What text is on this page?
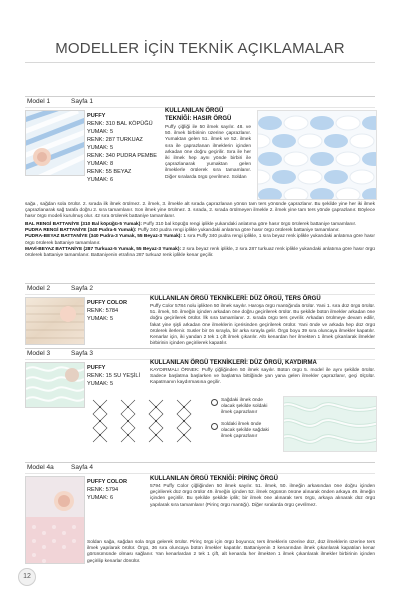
MODELLER İÇİN TEKNİK AÇIKLAMALAR
Model 1	Sayfa 1
PUFFY
RENK: 310 BAL KÖPÜĞÜ
YUMAK: 5
RENK: 287 TURKUAZ
YUMAK: 5
RENK: 340 PUDRA PEMBE
YUMAK: 8
RENK: 55 BEYAZ
YUMAK: 6
KULLANILAN ÖRGÜ TEKNİĞİ: HASIR ÖRGÜ

Puffy çiğliği ile 50 ilmek sayılır. 48. ve 50. ilmek birbirinin üzerine çaprazlanır. Yumaktan gelen 51. ilmek ve 52. ilmek sıra ile çaprazlanan ilmeklerin içinden arkadan öne doğru geçirilir. Sıra ile her iki ilmek hep aynı yönde birbiri ile çaprazlanarak yumaktan gelen ilmeklerle örülerek sıra tamamlanır. Diğer sıralarda örgü çevrilmez. Soldan

sağa , sağdan sola örülür. 2. sırada ilk ilmek örülmez. 2. ilmek, 3. ilmekle alt sırada çaprazlanan yönün tam ters yönünde çaprazlanır. Bu şekilde yine her iki ilmek çaprazlanarak sağ tarafa doğru 2. sıra tamamlanır. Son ilmek yine örülmez. 3. sırada, 2. sırada örülmeyen ilmekle 2. ilmek yine tam ters yönde çaprazlanır. Böylece hasır örgü modeli kurulmuş olur. 42 sıra örülerek battaniye tamamlanır.

BAL RENGİ BATTANİYE (310 Bal köpüğü-5 Yumak): Puffy 310 bal köpüğü rengi iplikle yukarıdaki anlatıma göre hasır örgü örülerek battaniye tamamlanır.

PUDRA RENGİ BATTANİYE (340 Pudra-5 Yumak): Puffy 340 pudra rengi iplikle yukarıdaki anlatıma göre hasır örgü örülerek battaniye tamamlanır.

PUDRA-BEYAZ BATTANİYE (340 Pudra-3 Yumak, 55 Beyaz-3 Yumak): 1 sıra Puffy 340 pudra rengi iplikle, 1 sıra beyaz renk iplikle yukarıdaki anlatıma göre hasır örgü örülerek battaniye tamamlanır.

MAVİ-BEYAZ BATTANİYE (287 Turkuaz-5 Yumak, 55 Beyaz-3 Yumak): 2 sıra beyaz renk iplikle, 2 sıra 287 turkuaz renk iplikle yukarıdaki anlatıma göre hasır örgü örülerek battaniye tamamlanır. Battaniyenin etrafına 287 turkuaz renk iplikle kenar geçilir.

Model 2	Sayfa 2
PUFFY COLOR
RENK: 5784
YUMAK: 5
KULLANILAN ÖRGÜ TEKNİKLERİ: DÜZ ÖRGÜ, TERS ÖRGÜ

Puffy Color 5784 nolu iplikten 50 ilmek sayılır. Haroşa örgü mantığında örülür. Yani 1. sıra düz örgü örülür. 51. ilmek, 50. ilmeğin içinden arkadan öne doğru geçirilerek örülür. Bu şekilde bütün ilmekler arkadan öne doğru geçirilerek örülür. İlk sıra tamamlanır. 2. sırada örgü ters çevrilir. Arkadan örülmeye devam edilir, fakat yine şişli arkadan öne ilmeklerin içerisinden geçirilerek örülür. Yani önde ve arkada hep düz örgü örülerek ilerlenir. Susler bir ön sırayla, bir arka sırayla gelir. Örgü boyu 39 sıra oluncaya ilmekler kapatılır. Kenarlar için, iki yandan 2 tek 1 çift ilmek çıkarılır. Altı kenardan her ilmekten 1 ilmek çıkarılarak ilmekler birbirinin içinden geçirilerek kapatılır.

Model 3	Sayfa 3
PUFFY
RENK: 15 SU YEŞİLİ
YUMAK: 5
KULLANILAN ÖRGÜ TEKNİKLERİ: DÜZ ÖRGÜ, KAYDIRMA

KAYDIRMALI ÖRNEK: Puffy çiğliğinden 50 ilmek sayılır. Bütün örgü 5. model ile aynı şekilde örülür. Sadece başlatma başlarken ve başlatma bittiğinde yan yana gelen ilmekler çaprazlanır, geçi ölçülür. Kapatmanın kaydırmasına geçilir.

Sağdaki ilmek önde olacak şekilde soldaki ilmek çaprazlanır
Soldaki ilmek önde olacak şekilde sağdaki ilmek çaprazlanır
Model 4a	Sayfa 4
PUFFY COLOR
RENK: 5794
YUMAK: 6
KULLANILAN ÖRGÜ TEKNİĞİ: PİRİNÇ ÖRGÜ

5794 Puffy Color çiğliğinden 50 ilmek sayılır. 51. ilmek, 50. ilmeğin arkasından öne doğru içinden geçirilerek düz örgü örülür 49. ilmeğin içinden 52. ilmek örgünün önüne alınarak önden arkaya 49. ilmeğin içinden geçirilir. Bu şekilde şekilde iplik; bir ilmek öne alınarak ters örgü, arkaya alınarak düz örgü yapılarak sıra tamamlanır (Pirinç örgü mantığı). Diğer sıralarda örgü çevrilmez.

Soldan sağa, sağdan sola örgü gelerek örülür. Pirinç örgü için örgü boyunca; ters ilmeklerin üzerine düz, düz ilmeklerin üzerine ters ilmek yapılarak örülür. Örgü, 36 sıra oluncaya bütün ilmekler kapatılır. Battaniyenin 3 kenarından ilmek çıkarılarak kapatılan kenar görünümünde olması sağlanır. Yan kenarlardan 2 tek 1 çift, alt kenarda her ilmekten 1 ilmek çıkarılarak ilmekler birbirinin içinden geçirilip kenarlar dönülür.

12
